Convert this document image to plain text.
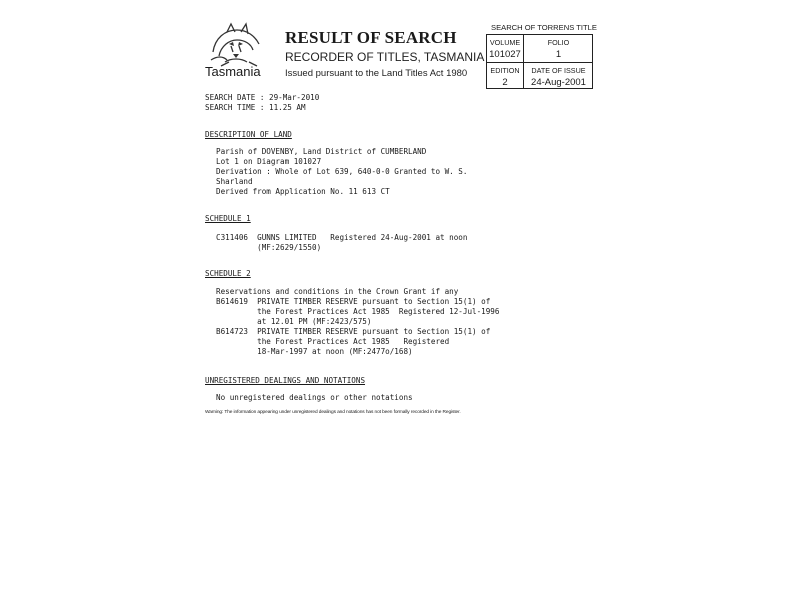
Tasmania
RESULT OF SEARCH
RECORDER OF TITLES, TASMANIA
Issued pursuant to the Land Titles Act 1980
SEARCH OF TORRENS TITLE
VOLUME
101027
FOLIO
1
EDITION
2
DATE OF ISSUE
24-Aug-2001
SEARCH DATE : 29-Mar-2010
SEARCH TIME : 11.25 AM
DESCRIPTION OF LAND
Parish of DOVENBY, Land District of CUMBERLAND
Lot 1 on Diagram 101027
Derivation : Whole of Lot 639, 640-0-0 Granted to W. S.
Sharland
Derived from Application No. 11 613 CT
SCHEDULE 1
C311406  GUNNS LIMITED   Registered 24-Aug-2001 at noon
(MF:2629/1550)
SCHEDULE 2
Reservations and conditions in the Crown Grant if any
B614619  PRIVATE TIMBER RESERVE pursuant to Section 15(1) of
the Forest Practices Act 1985  Registered 12-Jul-1996
at 12.01 PM (MF:2423/575)
B614723  PRIVATE TIMBER RESERVE pursuant to Section 15(1) of
the Forest Practices Act 1985   Registered
18-Mar-1997 at noon (MF:2477o/168)
UNREGISTERED DEALINGS AND NOTATIONS
No unregistered dealings or other notations
Warning: The information appearing under unregistered dealings and notations has not been formally recorded in the Register.
